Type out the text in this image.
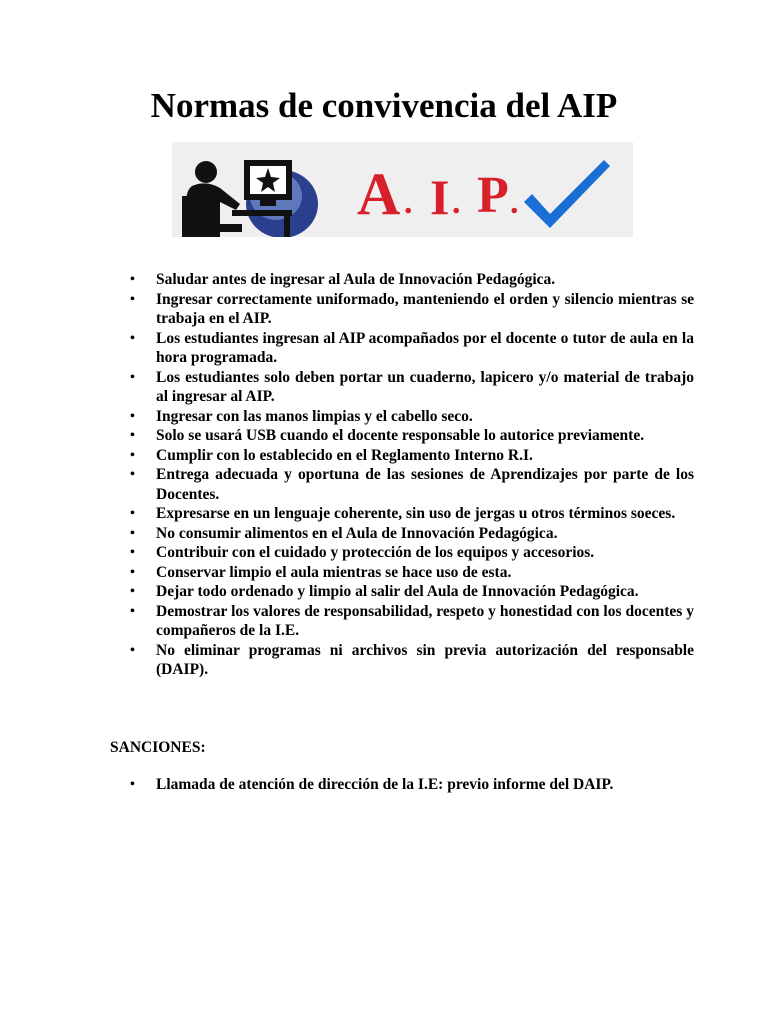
Normas de convivencia del AIP
A . I . P .
• Saludar antes de ingresar al Aula de Innovación Pedagógica.
• Ingresar correctamente uniformado, manteniendo el orden y silencio mientras se trabaja en el AIP.
• Los estudiantes ingresan al AIP acompañados por el docente o tutor de aula en la hora programada.
• Los estudiantes solo deben portar un cuaderno, lapicero y/o material de trabajo al ingresar al AIP.
• Ingresar con las manos limpias y el cabello seco.
• Solo se usará USB cuando el docente responsable lo autorice previamente.
• Cumplir con lo establecido en el Reglamento Interno R.I.
• Entrega adecuada y oportuna de las sesiones de Aprendizajes por parte de los Docentes.
• Expresarse en un lenguaje coherente, sin uso de jergas u otros términos soeces.
• No consumir alimentos en el Aula de Innovación Pedagógica.
• Contribuir con el cuidado y protección de los equipos y accesorios.
• Conservar limpio el aula mientras se hace uso de esta.
• Dejar todo ordenado y limpio al salir del Aula de Innovación Pedagógica.
• Demostrar los valores de responsabilidad, respeto y honestidad con los docentes y compañeros de la I.E.
• No eliminar programas ni archivos sin previa autorización del responsable (DAIP).
SANCIONES:
• Llamada de atención de dirección de la I.E: previo informe del DAIP.
